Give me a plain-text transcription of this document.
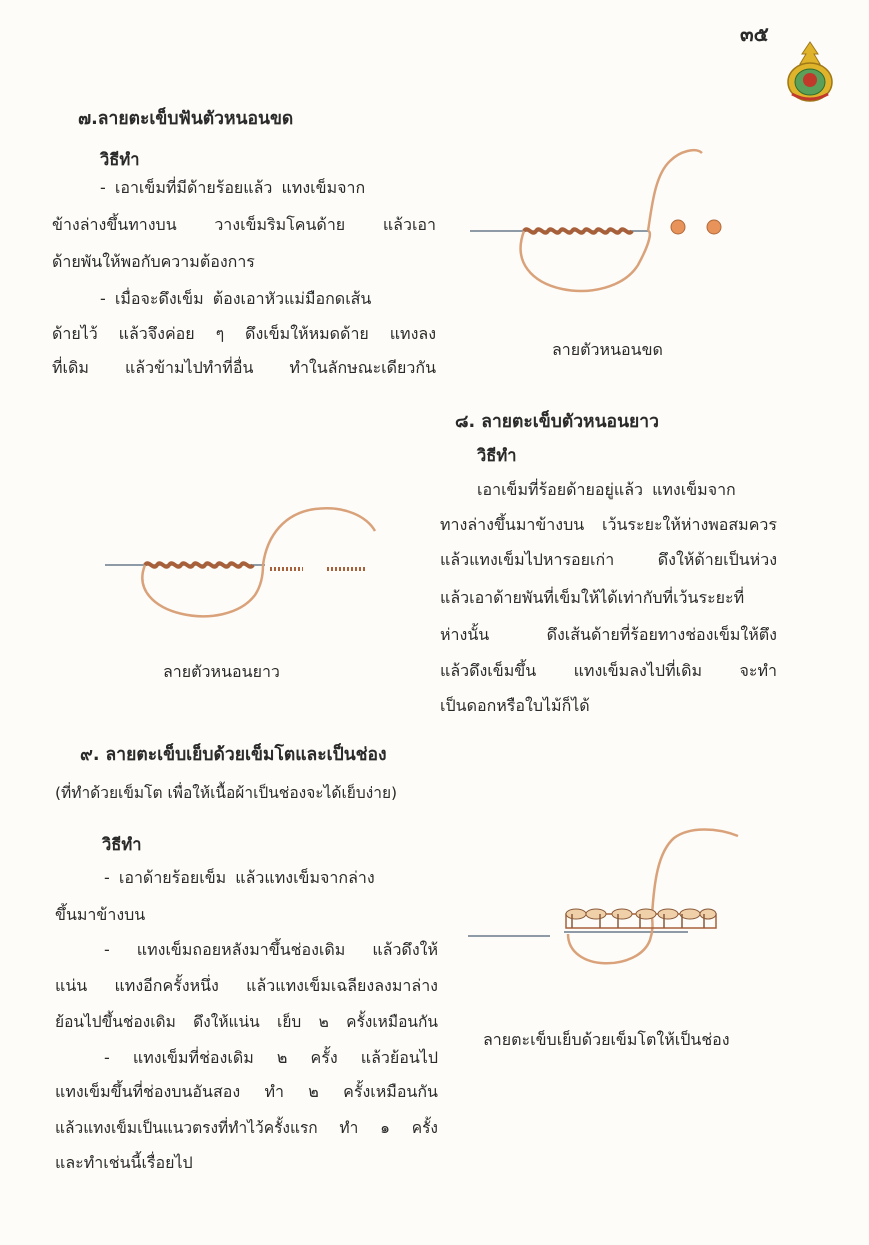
๓๕
๗.ลายตะเข็บฟันตัวหนอนขด
วิธีทำ
- เอาเข็มที่มีด้ายร้อยแล้ว แทงเข็มจาก
ข้างล่างขึ้นทางบน วางเข็มริมโคนด้าย แล้วเอา
ด้ายพันให้พอกับความต้องการ
- เมื่อจะดึงเข็ม ต้องเอาหัวแม่มือกดเส้น
ด้ายไว้ แล้วจึงค่อย ๆ ดึงเข็มให้หมดด้าย แทงลง
ที่เดิม แล้วข้ามไปทำที่อื่น ทำในลักษณะเดียวกัน
ลายตัวหนอนขด
๘. ลายตะเข็บตัวหนอนยาว
วิธีทำ
เอาเข็มที่ร้อยด้ายอยู่แล้ว แทงเข็มจาก
ทางล่างขึ้นมาข้างบน เว้นระยะให้ห่างพอสมควร
แล้วแทงเข็มไปหารอยเก่า ดึงให้ด้ายเป็นห่วง
แล้วเอาด้ายพันที่เข็มให้ได้เท่ากับที่เว้นระยะที่
ห่างนั้น ดึงเส้นด้ายที่ร้อยทางช่องเข็มให้ตึง
แล้วดึงเข็มขึ้น แทงเข็มลงไปที่เดิม จะทำ
เป็นดอกหรือใบไม้ก็ได้
ลายตัวหนอนยาว
๙. ลายตะเข็บเย็บด้วยเข็มโตและเป็นช่อง
(ที่ทำด้วยเข็มโต เพื่อให้เนื้อผ้าเป็นช่องจะได้เย็บง่าย)
วิธีทำ
- เอาด้ายร้อยเข็ม แล้วแทงเข็มจากล่าง
ขึ้นมาข้างบน
- แทงเข็มถอยหลังมาขึ้นช่องเดิม แล้วดึงให้
แน่น แทงอีกครั้งหนึ่ง แล้วแทงเข็มเฉลียงลงมาล่าง
ย้อนไปขึ้นช่องเดิม ดึงให้แน่น เย็บ ๒ ครั้งเหมือนกัน
- แทงเข็มที่ช่องเดิม ๒ ครั้ง แล้วย้อนไป
แทงเข็มขึ้นที่ช่องบนอันสอง ทำ ๒ ครั้งเหมือนกัน
แล้วแทงเข็มเป็นแนวตรงที่ทำไว้ครั้งแรก ทำ ๑ ครั้ง
และทำเช่นนี้เรื่อยไป
ลายตะเข็บเย็บด้วยเข็มโตให้เป็นช่อง
